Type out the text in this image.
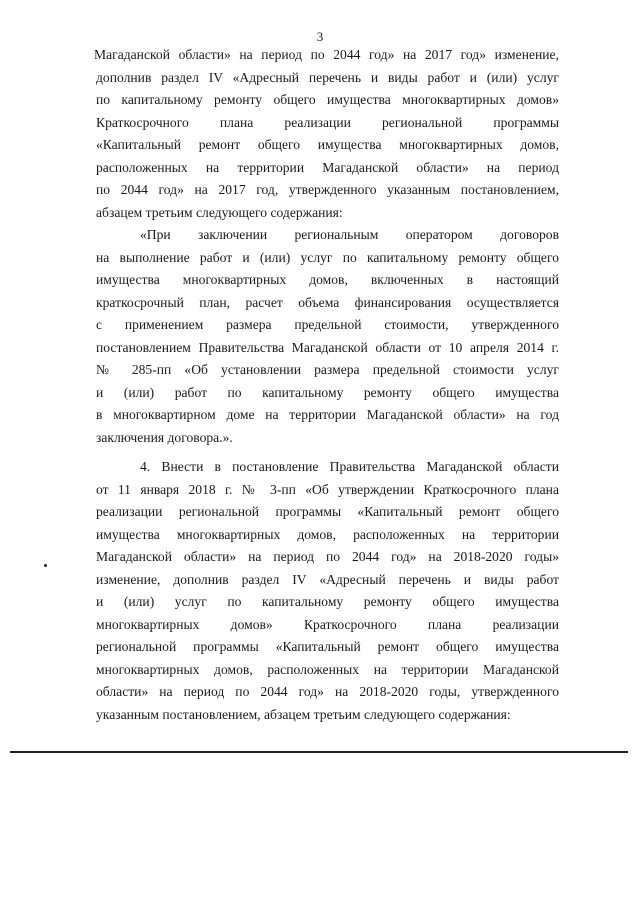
3
Магаданской области» на период по 2044 год» на 2017 год» изменение,
дополнив раздел IV «Адресный перечень и виды работ и (или) услуг
по капитальному ремонту общего имущества многоквартирных домов»
Краткосрочного плана реализации региональной программы
«Капитальный ремонт общего имущества многоквартирных домов,
расположенных на территории Магаданской области» на период
по 2044 год» на 2017 год, утвержденного указанным постановлением,
абзацем третьим следующего содержания:
«При заключении региональным оператором договоров
на выполнение работ и (или) услуг по капитальному ремонту общего
имущества многоквартирных домов, включенных в настоящий
краткосрочный план, расчет объема финансирования осуществляется
с применением размера предельной стоимости, утвержденного
постановлением Правительства Магаданской области от 10 апреля 2014 г.
№ 285-пп «Об установлении размера предельной стоимости услуг
и (или) работ по капитальному ремонту общего имущества
в многоквартирном доме на территории Магаданской области» на год
заключения договора.».
4. Внести в постановление Правительства Магаданской области
от 11 января 2018 г. № 3-пп «Об утверждении Краткосрочного плана
реализации региональной программы «Капитальный ремонт общего
имущества многоквартирных домов, расположенных на территории
Магаданской области» на период по 2044 год» на 2018-2020 годы»
изменение, дополнив раздел IV «Адресный перечень и виды работ
и (или) услуг по капитальному ремонту общего имущества
многоквартирных домов» Краткосрочного плана реализации
региональной программы «Капитальный ремонт общего имущества
многоквартирных домов, расположенных на территории Магаданской
области» на период по 2044 год» на 2018-2020 годы, утвержденного
указанным постановлением, абзацем третьим следующего содержания:
